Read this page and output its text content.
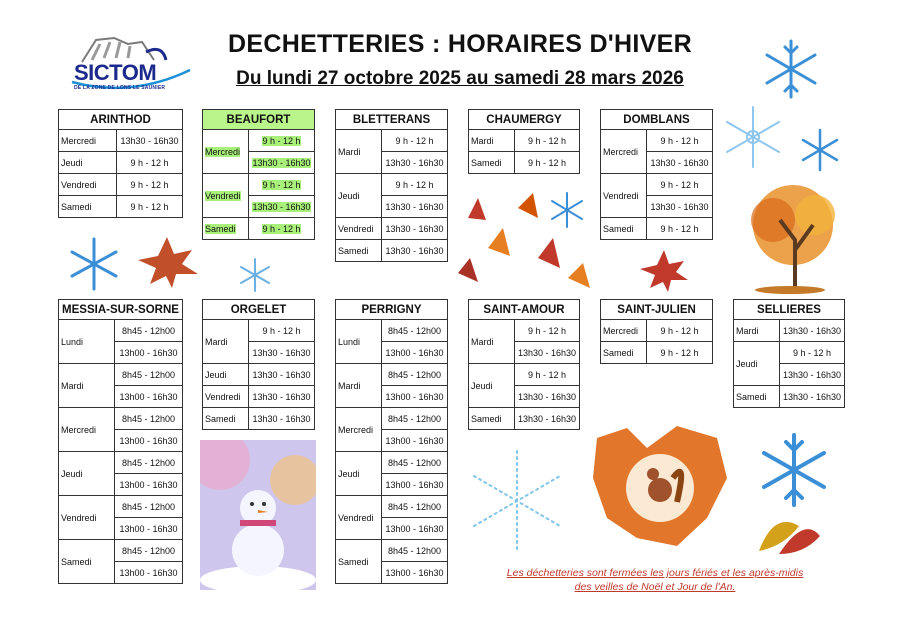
SICTOM
DE LA ZONE DE LONS LE SAUNIER
DECHETTERIES : HORAIRES D'HIVER
Du lundi 27 octobre 2025 au samedi 28 mars 2026
ARINTHOD	
Mercredi	13h30 - 16h30
Jeudi	9 h - 12 h
Vendredi	9 h - 12 h
Samedi	9 h - 12 h
BEAUFORT	
Mercredi	9 h - 12 h
	13h30 - 16h30
Vendredi	9 h - 12 h
	13h30 - 16h30
Samedi	9 h - 12 h
BLETTERANS	
Mardi	9 h - 12 h
	13h30 - 16h30
Jeudi	9 h - 12 h
	13h30 - 16h30
Vendredi	13h30 - 16h30
Samedi	13h30 - 16h30
CHAUMERGY	
Mardi	9 h - 12 h
Samedi	9 h - 12 h
DOMBLANS	
Mercredi	9 h - 12 h
	13h30 - 16h30
Vendredi	9 h - 12 h
	13h30 - 16h30
Samedi	9 h - 12 h
MESSIA-SUR-SORNE	
Lundi	8h45 - 12h00
	13h00 - 16h30
Mardi	8h45 - 12h00
	13h00 - 16h30
Mercredi	8h45 - 12h00
	13h00 - 16h30
Jeudi	8h45 - 12h00
	13h00 - 16h30
Vendredi	8h45 - 12h00
	13h00 - 16h30
Samedi	8h45 - 12h00
	13h00 - 16h30
ORGELET	
Mardi	9 h - 12 h
	13h30 - 16h30
Jeudi	13h30 - 16h30
Vendredi	13h30 - 16h30
Samedi	13h30 - 16h30
PERRIGNY	
Lundi	8h45 - 12h00
	13h00 - 16h30
Mardi	8h45 - 12h00
	13h00 - 16h30
Mercredi	8h45 - 12h00
	13h00 - 16h30
Jeudi	8h45 - 12h00
	13h00 - 16h30
Vendredi	8h45 - 12h00
	13h00 - 16h30
Samedi	8h45 - 12h00
	13h00 - 16h30
SAINT-AMOUR	
Mardi	9 h - 12 h
	13h30 - 16h30
Jeudi	9 h - 12 h
	13h30 - 16h30
Samedi	13h30 - 16h30
SAINT-JULIEN	
Mercredi	9 h - 12 h
Samedi	9 h - 12 h
SELLIERES	
Mardi	13h30 - 16h30
Jeudi	9 h - 12 h
	13h30 - 16h30
Samedi	13h30 - 16h30
Les déchetteries sont fermées les jours fériés et les après-midis
des veilles de Noël et Jour de l'An.
